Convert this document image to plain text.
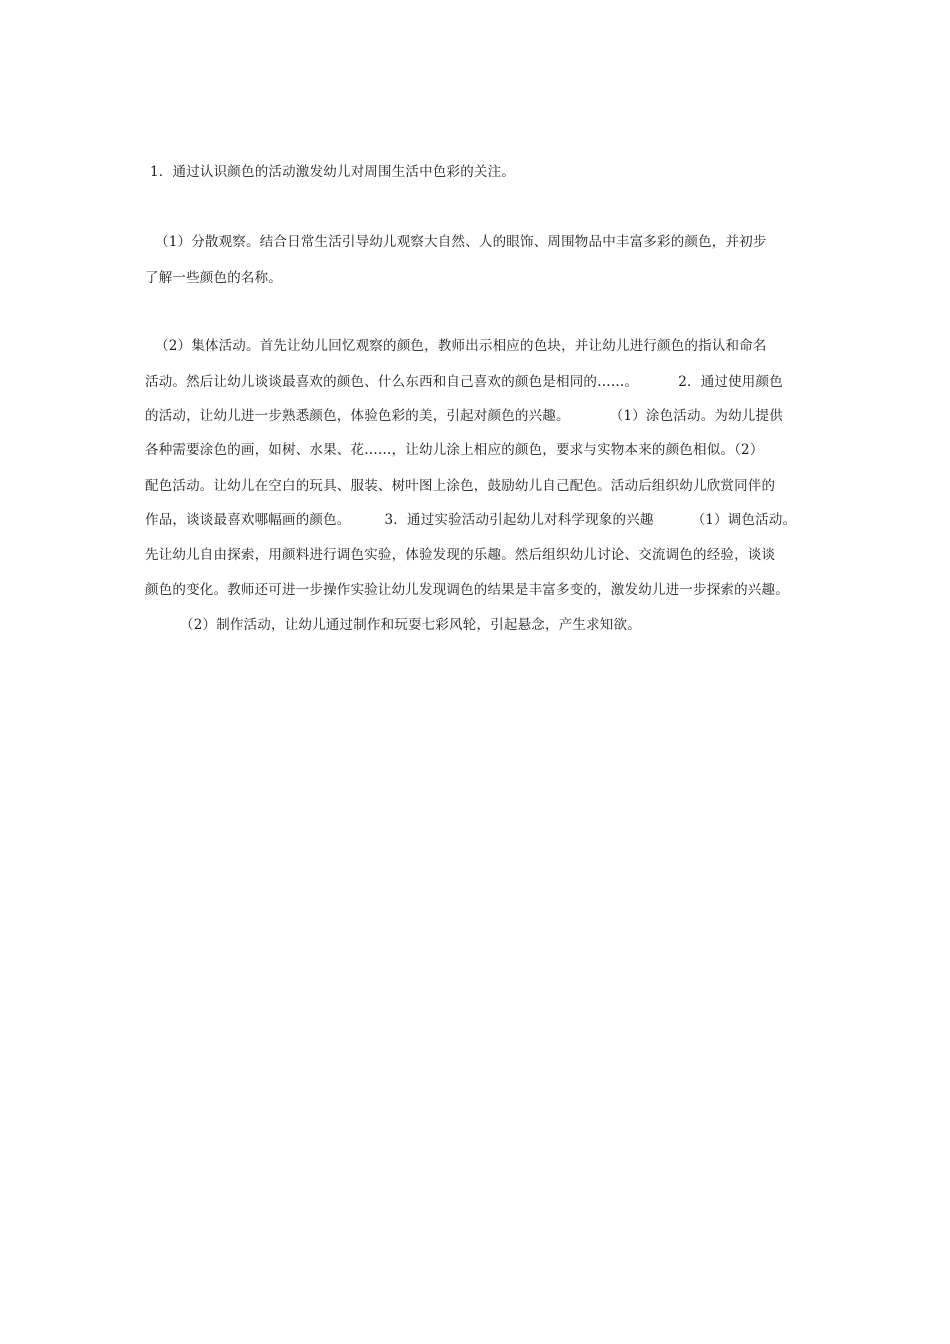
1．通过认识颜色的活动激发幼儿对周围生活中色彩的关注。
（1）分散观察。结合日常生活引导幼儿观察大自然、人的眼饰、周围物品中丰富多彩的颜色，并初步
了解一些颜色的名称。
（2）集体活动。首先让幼儿回忆观察的颜色，教师出示相应的色块，并让幼儿进行颜色的指认和命名
活动。然后让幼儿谈谈最喜欢的颜色、什么东西和自己喜欢的颜色是相同的……。	2．通过使用颜色
的活动，让幼儿进一步熟悉颜色，体验色彩的美，引起对颜色的兴趣。	（1）涂色活动。为幼儿提供
各种需要涂色的画，如树、水果、花……，让幼儿涂上相应的颜色，要求与实物本来的颜色相似。（2）
配色活动。让幼儿在空白的玩具、服装、树叶图上涂色，鼓励幼儿自己配色。活动后组织幼儿欣赏同伴的
作品，谈谈最喜欢哪幅画的颜色。	3．通过实验活动引起幼儿对科学现象的兴趣	（1）调色活动。
先让幼儿自由探索，用颜料进行调色实验，体验发现的乐趣。然后组织幼儿讨论、交流调色的经验，谈谈
颜色的变化。教师还可进一步操作实验让幼儿发现调色的结果是丰富多变的，激发幼儿进一步探索的兴趣。
（2）制作活动，让幼儿通过制作和玩耍七彩风轮，引起悬念，产生求知欲。
